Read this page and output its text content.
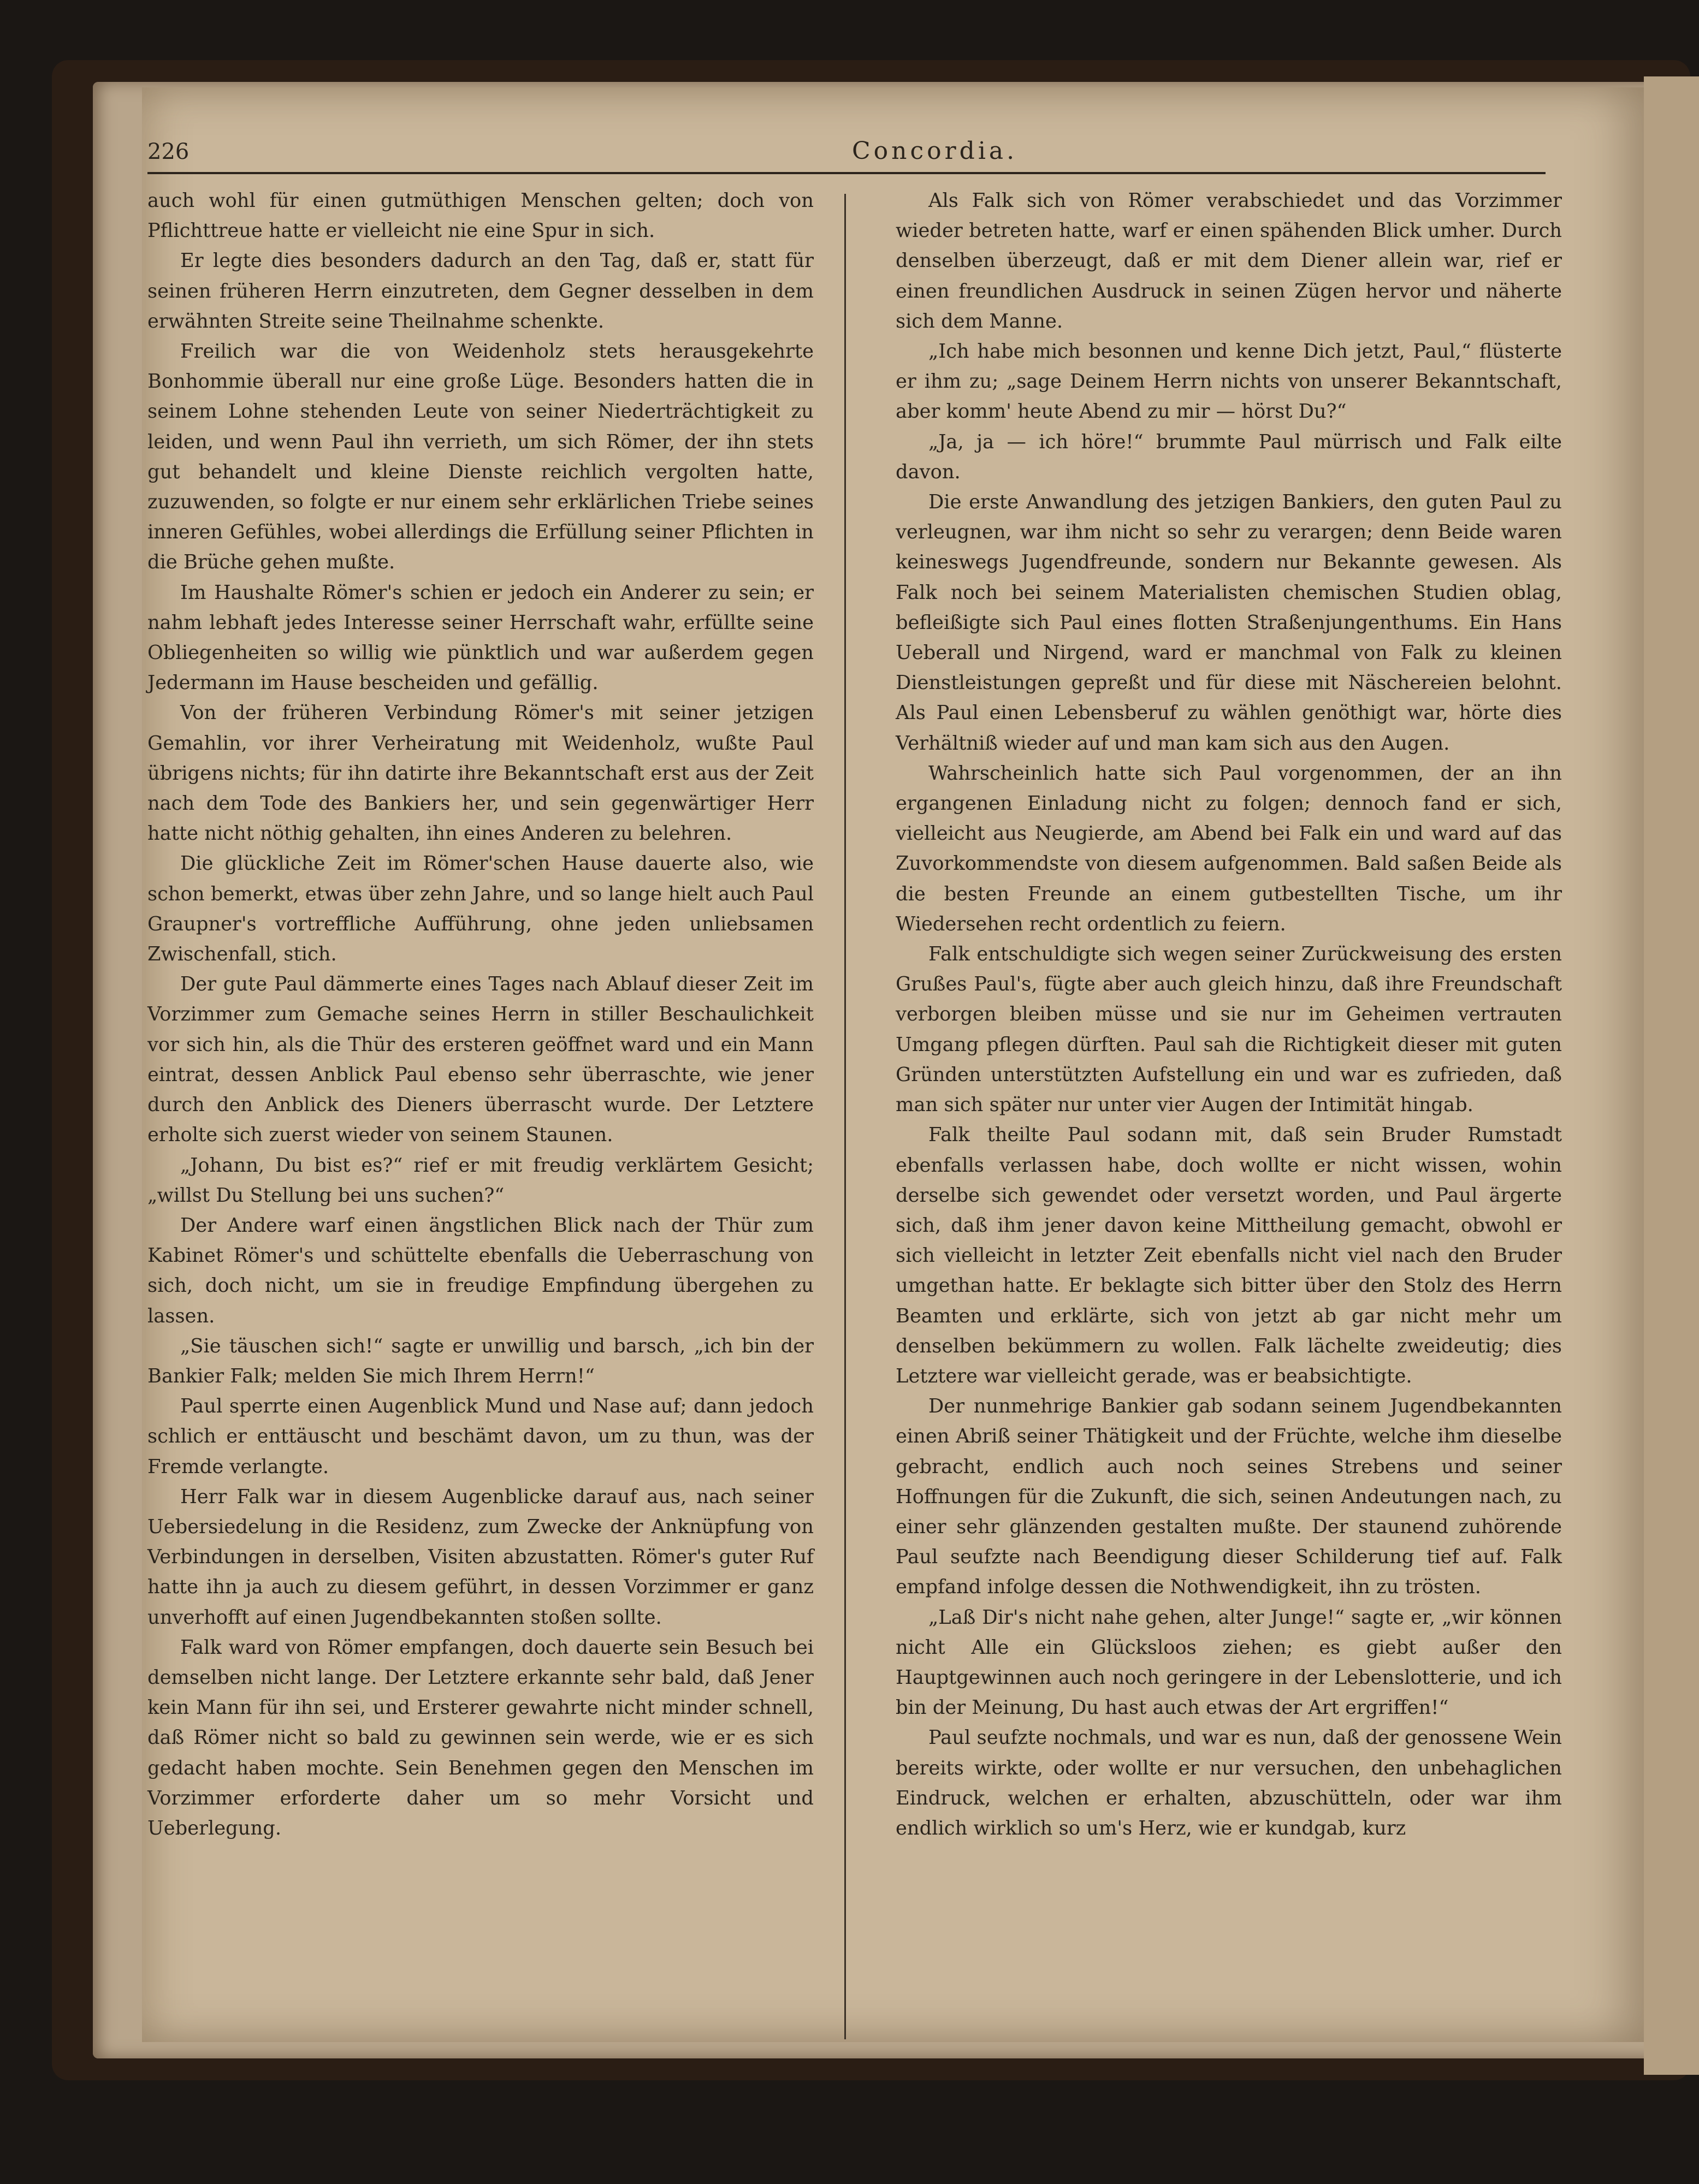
226	Concordia.

auch wohl für einen gutmüthigen Menschen gelten; doch von Pflichttreue hatte er vielleicht nie eine Spur in sich.

Er legte dies besonders dadurch an den Tag, daß er, statt für seinen früheren Herrn einzutreten, dem Gegner desselben in dem erwähnten Streite seine Theilnahme schenkte.

Freilich war die von Weidenholz stets herausgekehrte Bonhommie überall nur eine große Lüge. Besonders hatten die in seinem Lohne stehenden Leute von seiner Niederträchtigkeit zu leiden, und wenn Paul ihn verrieth, um sich Römer, der ihn stets gut behandelt und kleine Dienste reichlich vergolten hatte, zuzuwenden, so folgte er nur einem sehr erklärlichen Triebe seines inneren Gefühles, wobei allerdings die Erfüllung seiner Pflichten in die Brüche gehen mußte.

Im Haushalte Römer's schien er jedoch ein Anderer zu sein; er nahm lebhaft jedes Interesse seiner Herrschaft wahr, erfüllte seine Obliegenheiten so willig wie pünktlich und war außerdem gegen Jedermann im Hause bescheiden und gefällig.

Von der früheren Verbindung Römer's mit seiner jetzigen Gemahlin, vor ihrer Verheiratung mit Weidenholz, wußte Paul übrigens nichts; für ihn datirte ihre Bekanntschaft erst aus der Zeit nach dem Tode des Bankiers her, und sein gegenwärtiger Herr hatte nicht nöthig gehalten, ihn eines Anderen zu belehren.

Die glückliche Zeit im Römer'schen Hause dauerte also, wie schon bemerkt, etwas über zehn Jahre, und so lange hielt auch Paul Graupner's vortreffliche Aufführung, ohne jeden unliebsamen Zwischenfall, stich.

Der gute Paul dämmerte eines Tages nach Ablauf dieser Zeit im Vorzimmer zum Gemache seines Herrn in stiller Beschaulichkeit vor sich hin, als die Thür des ersteren geöffnet ward und ein Mann eintrat, dessen Anblick Paul ebenso sehr überraschte, wie jener durch den Anblick des Dieners überrascht wurde. Der Letztere erholte sich zuerst wieder von seinem Staunen.

„Johann, Du bist es?“ rief er mit freudig verklärtem Gesicht; „willst Du Stellung bei uns suchen?“

Der Andere warf einen ängstlichen Blick nach der Thür zum Kabinet Römer's und schüttelte ebenfalls die Ueberraschung von sich, doch nicht, um sie in freudige Empfindung übergehen zu lassen.

„Sie täuschen sich!“ sagte er unwillig und barsch, „ich bin der Bankier Falk; melden Sie mich Ihrem Herrn!“

Paul sperrte einen Augenblick Mund und Nase auf; dann jedoch schlich er enttäuscht und beschämt davon, um zu thun, was der Fremde verlangte.

Herr Falk war in diesem Augenblicke darauf aus, nach seiner Uebersiedelung in die Residenz, zum Zwecke der Anknüpfung von Verbindungen in derselben, Visiten abzustatten. Römer's guter Ruf hatte ihn ja auch zu diesem geführt, in dessen Vorzimmer er ganz unverhofft auf einen Jugendbekannten stoßen sollte.

Falk ward von Römer empfangen, doch dauerte sein Besuch bei demselben nicht lange. Der Letztere erkannte sehr bald, daß Jener kein Mann für ihn sei, und Ersterer gewahrte nicht minder schnell, daß Römer nicht so bald zu gewinnen sein werde, wie er es sich gedacht haben mochte. Sein Benehmen gegen den Menschen im Vorzimmer erforderte daher um so mehr Vorsicht und Ueberlegung.

Als Falk sich von Römer verabschiedet und das Vorzimmer wieder betreten hatte, warf er einen spähenden Blick umher. Durch denselben überzeugt, daß er mit dem Diener allein war, rief er einen freundlichen Ausdruck in seinen Zügen hervor und näherte sich dem Manne.

„Ich habe mich besonnen und kenne Dich jetzt, Paul,“ flüsterte er ihm zu; „sage Deinem Herrn nichts von unserer Bekanntschaft, aber komm' heute Abend zu mir — hörst Du?“

„Ja, ja — ich höre!“ brummte Paul mürrisch und Falk eilte davon.

Die erste Anwandlung des jetzigen Bankiers, den guten Paul zu verleugnen, war ihm nicht so sehr zu verargen; denn Beide waren keineswegs Jugendfreunde, sondern nur Bekannte gewesen. Als Falk noch bei seinem Materialisten chemischen Studien oblag, befleißigte sich Paul eines flotten Straßenjungenthums. Ein Hans Ueberall und Nirgend, ward er manchmal von Falk zu kleinen Dienstleistungen gepreßt und für diese mit Näschereien belohnt. Als Paul einen Lebensberuf zu wählen genöthigt war, hörte dies Verhältniß wieder auf und man kam sich aus den Augen.

Wahrscheinlich hatte sich Paul vorgenommen, der an ihn ergangenen Einladung nicht zu folgen; dennoch fand er sich, vielleicht aus Neugierde, am Abend bei Falk ein und ward auf das Zuvorkommendste von diesem aufgenommen. Bald saßen Beide als die besten Freunde an einem gutbestellten Tische, um ihr Wiedersehen recht ordentlich zu feiern.

Falk entschuldigte sich wegen seiner Zurückweisung des ersten Grußes Paul's, fügte aber auch gleich hinzu, daß ihre Freundschaft verborgen bleiben müsse und sie nur im Geheimen vertrauten Umgang pflegen dürften. Paul sah die Richtigkeit dieser mit guten Gründen unterstützten Aufstellung ein und war es zufrieden, daß man sich später nur unter vier Augen der Intimität hingab.

Falk theilte Paul sodann mit, daß sein Bruder Rumstadt ebenfalls verlassen habe, doch wollte er nicht wissen, wohin derselbe sich gewendet oder versetzt worden, und Paul ärgerte sich, daß ihm jener davon keine Mittheilung gemacht, obwohl er sich vielleicht in letzter Zeit ebenfalls nicht viel nach den Bruder umgethan hatte. Er beklagte sich bitter über den Stolz des Herrn Beamten und erklärte, sich von jetzt ab gar nicht mehr um denselben bekümmern zu wollen. Falk lächelte zweideutig; dies Letztere war vielleicht gerade, was er beabsichtigte.

Der nunmehrige Bankier gab sodann seinem Jugendbekannten einen Abriß seiner Thätigkeit und der Früchte, welche ihm dieselbe gebracht, endlich auch noch seines Strebens und seiner Hoffnungen für die Zukunft, die sich, seinen Andeutungen nach, zu einer sehr glänzenden gestalten mußte. Der staunend zuhörende Paul seufzte nach Beendigung dieser Schilderung tief auf. Falk empfand infolge dessen die Nothwendigkeit, ihn zu trösten.

„Laß Dir's nicht nahe gehen, alter Junge!“ sagte er, „wir können nicht Alle ein Glücksloos ziehen; es giebt außer den Hauptgewinnen auch noch geringere in der Lebenslotterie, und ich bin der Meinung, Du hast auch etwas der Art ergriffen!“

Paul seufzte nochmals, und war es nun, daß der genossene Wein bereits wirkte, oder wollte er nur versuchen, den unbehaglichen Eindruck, welchen er erhalten, abzuschütteln, oder war ihm endlich wirklich so um's Herz, wie er kundgab, kurz
